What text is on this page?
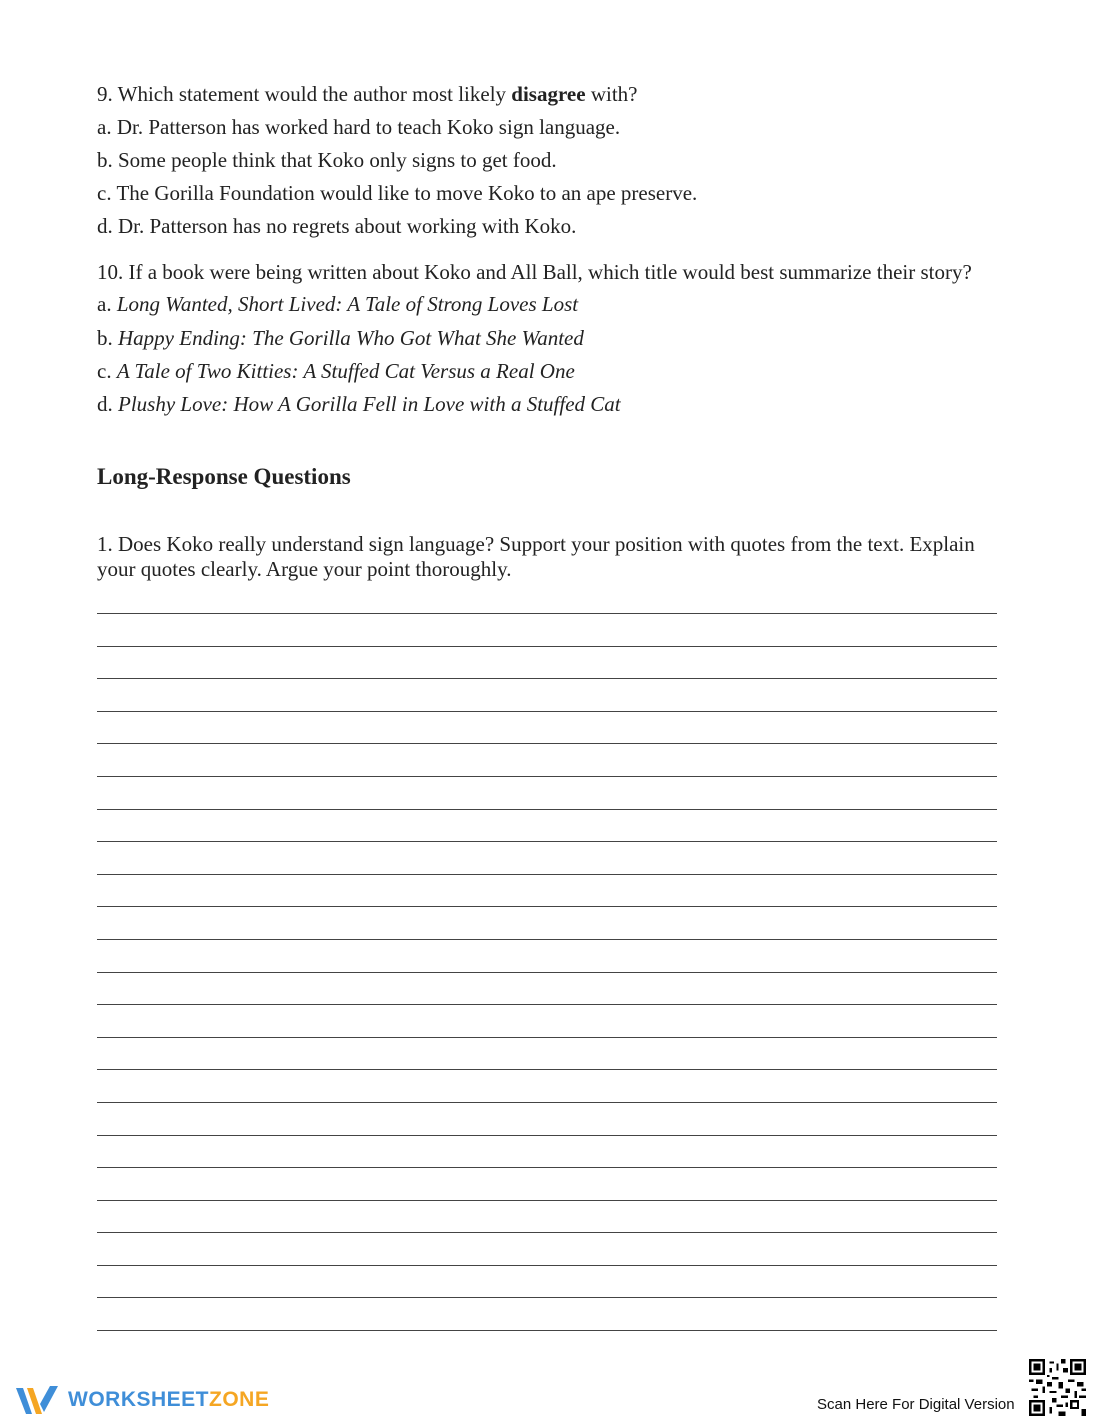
9. Which statement would the author most likely disagree with?
a. Dr. Patterson has worked hard to teach Koko sign language.
b. Some people think that Koko only signs to get food.
c. The Gorilla Foundation would like to move Koko to an ape preserve.
d. Dr. Patterson has no regrets about working with Koko.
10. If a book were being written about Koko and All Ball, which title would best summarize their story?
a. Long Wanted, Short Lived: A Tale of Strong Loves Lost
b. Happy Ending: The Gorilla Who Got What She Wanted
c. A Tale of Two Kitties: A Stuffed Cat Versus a Real One
d. Plushy Love: How A Gorilla Fell in Love with a Stuffed Cat
Long-Response Questions
1. Does Koko really understand sign language? Support your position with quotes from the text. Explain your quotes clearly. Argue your point thoroughly.
WORKSHEETZONE	Scan Here For Digital Version
